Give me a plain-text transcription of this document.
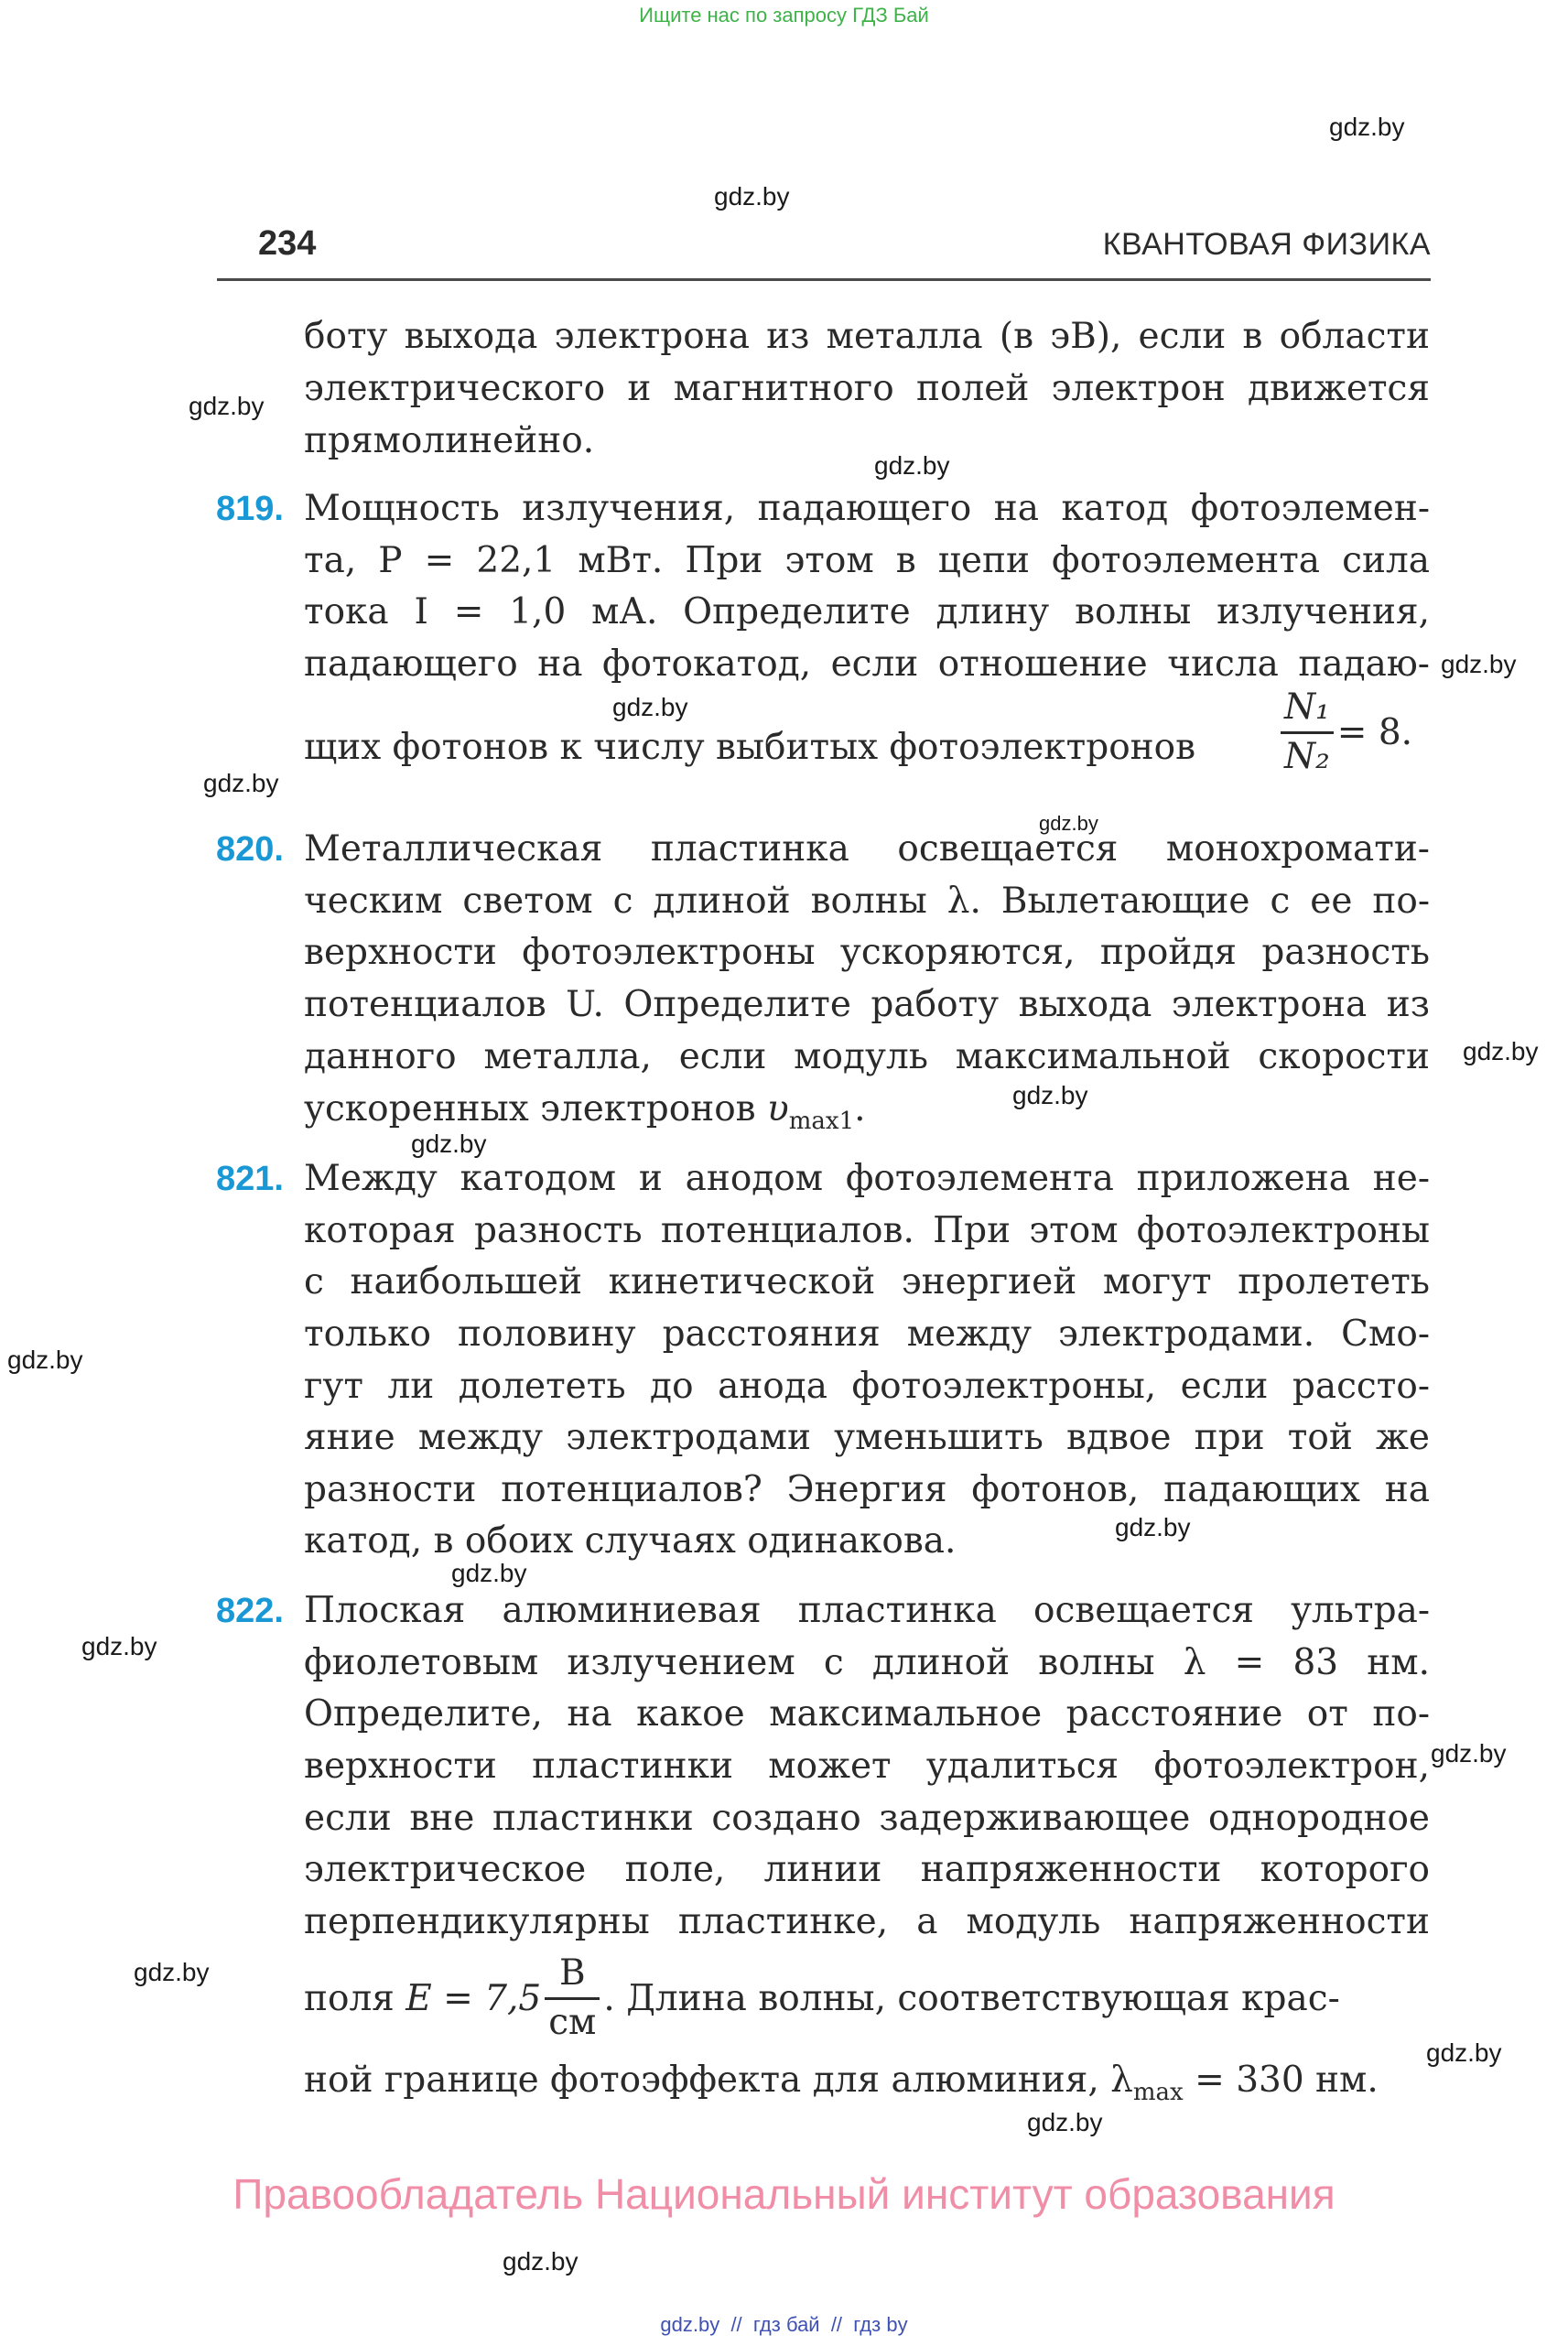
Ищите нас по запросу ГДЗ Бай
gdz.by
gdz.by
gdz.by
gdz.by
gdz.by
gdz.by
gdz.by
gdz.by
gdz.by
gdz.by
gdz.by
gdz.by
gdz.by
gdz.by
gdz.by
gdz.by
gdz.by
gdz.by
gdz.by
gdz.by
234	КВАНТОВАЯ ФИЗИКА
боту выхода электрона из металла (в эВ), если в области
электрического и магнитного полей электрон движется
прямолинейно.
819. Мощность излучения, падающего на катод фотоэлемен-
та, P = 22,1 мВт. При этом в цепи фотоэлемента сила
тока I = 1,0 мА. Определите длину волны излучения,
падающего на фотокатод, если отношение числа падаю-
щих фотонов к числу выбитых фотоэлектронов	$\frac{\text{N₁}}{\text{N₂}} = 8$.
820. Металлическая пластинка освещается монохромати-
ческим светом с длиной волны λ. Вылетающие с ее по-
верхности фотоэлектроны ускоряются, пройдя разность
потенциалов U. Определите работу выхода электрона из
данного металла, если модуль максимальной скорости
ускоренных электронов $\upsilon_{max1}$.
821. Между катодом и анодом фотоэлемента приложена не-
которая разность потенциалов. При этом фотоэлектроны
с наибольшей кинетической энергией могут пролететь
только половину расстояния между электродами. Смо-
гут ли долететь до анода фотоэлектроны, если рассто-
яние между электродами уменьшить вдвое при той же
разности потенциалов? Энергия фотонов, падающих на
катод, в обоих случаях одинакова.
822. Плоская алюминиевая пластинка освещается ультра-
фиолетовым излучением с длиной волны λ = 83 нм.
Определите, на какое максимальное расстояние от по-
верхности пластинки может удалиться фотоэлектрон,
если вне пластинки создано задерживающее однородное
электрическое поле, линии напряженности которого
перпендикулярны пластинке, а модуль напряженности
поля $E = 7,5 \frac{В}{см}$ . Длина волны, соответствующая крас-
ной границе фотоэффекта для алюминия, $\lambda_{max} = 330$ нм.
Правообладатель Национальный институт образования
gdz.by  //  гдз бай  //  гдз by
